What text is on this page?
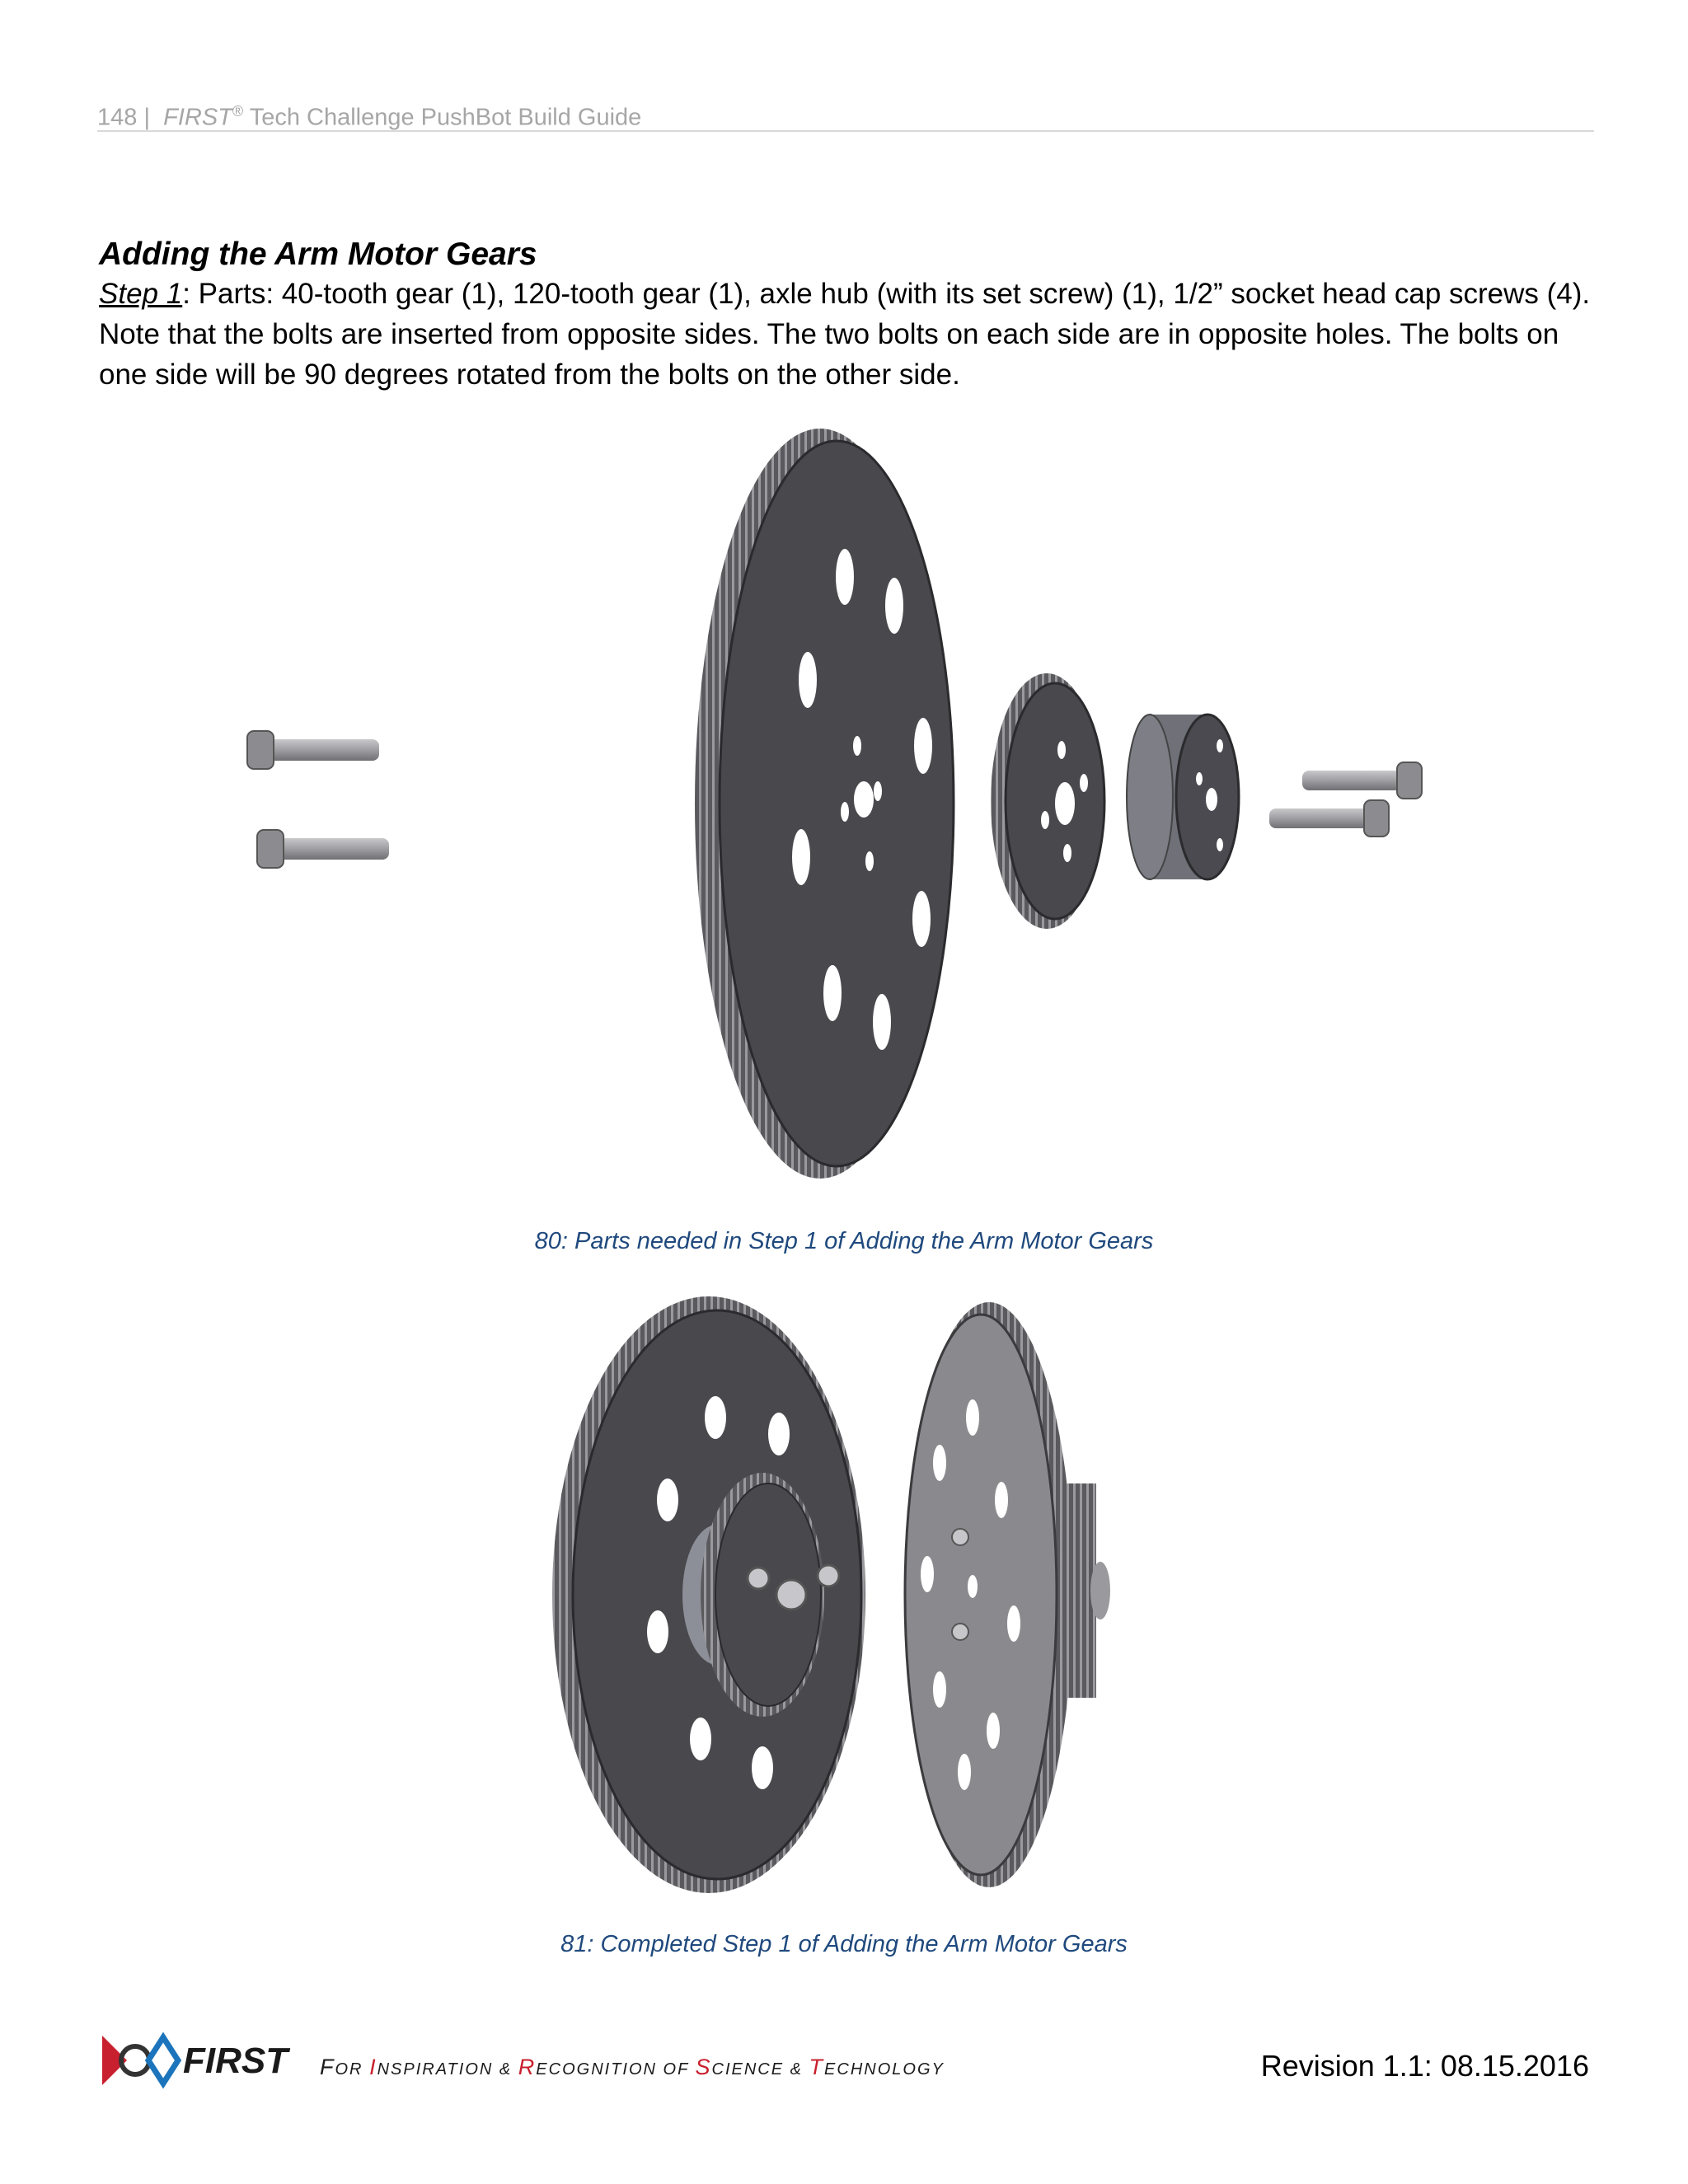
148 | FIRST® Tech Challenge PushBot Build Guide
Adding the Arm Motor Gears

Step 1: Parts: 40-tooth gear (1), 120-tooth gear (1), axle hub (with its set screw) (1), 1/2” socket head cap screws (4). Note that the bolts are inserted from opposite sides. The two bolts on each side are in opposite holes. The bolts on one side will be 90 degrees rotated from the bolts on the other side.

80: Parts needed in Step 1 of Adding the Arm Motor Gears
81: Completed Step 1 of Adding the Arm Motor Gears
FIRST FOR INSPIRATION & RECOGNITION OF SCIENCE & TECHNOLOGY	Revision 1.1: 08.15.2016
